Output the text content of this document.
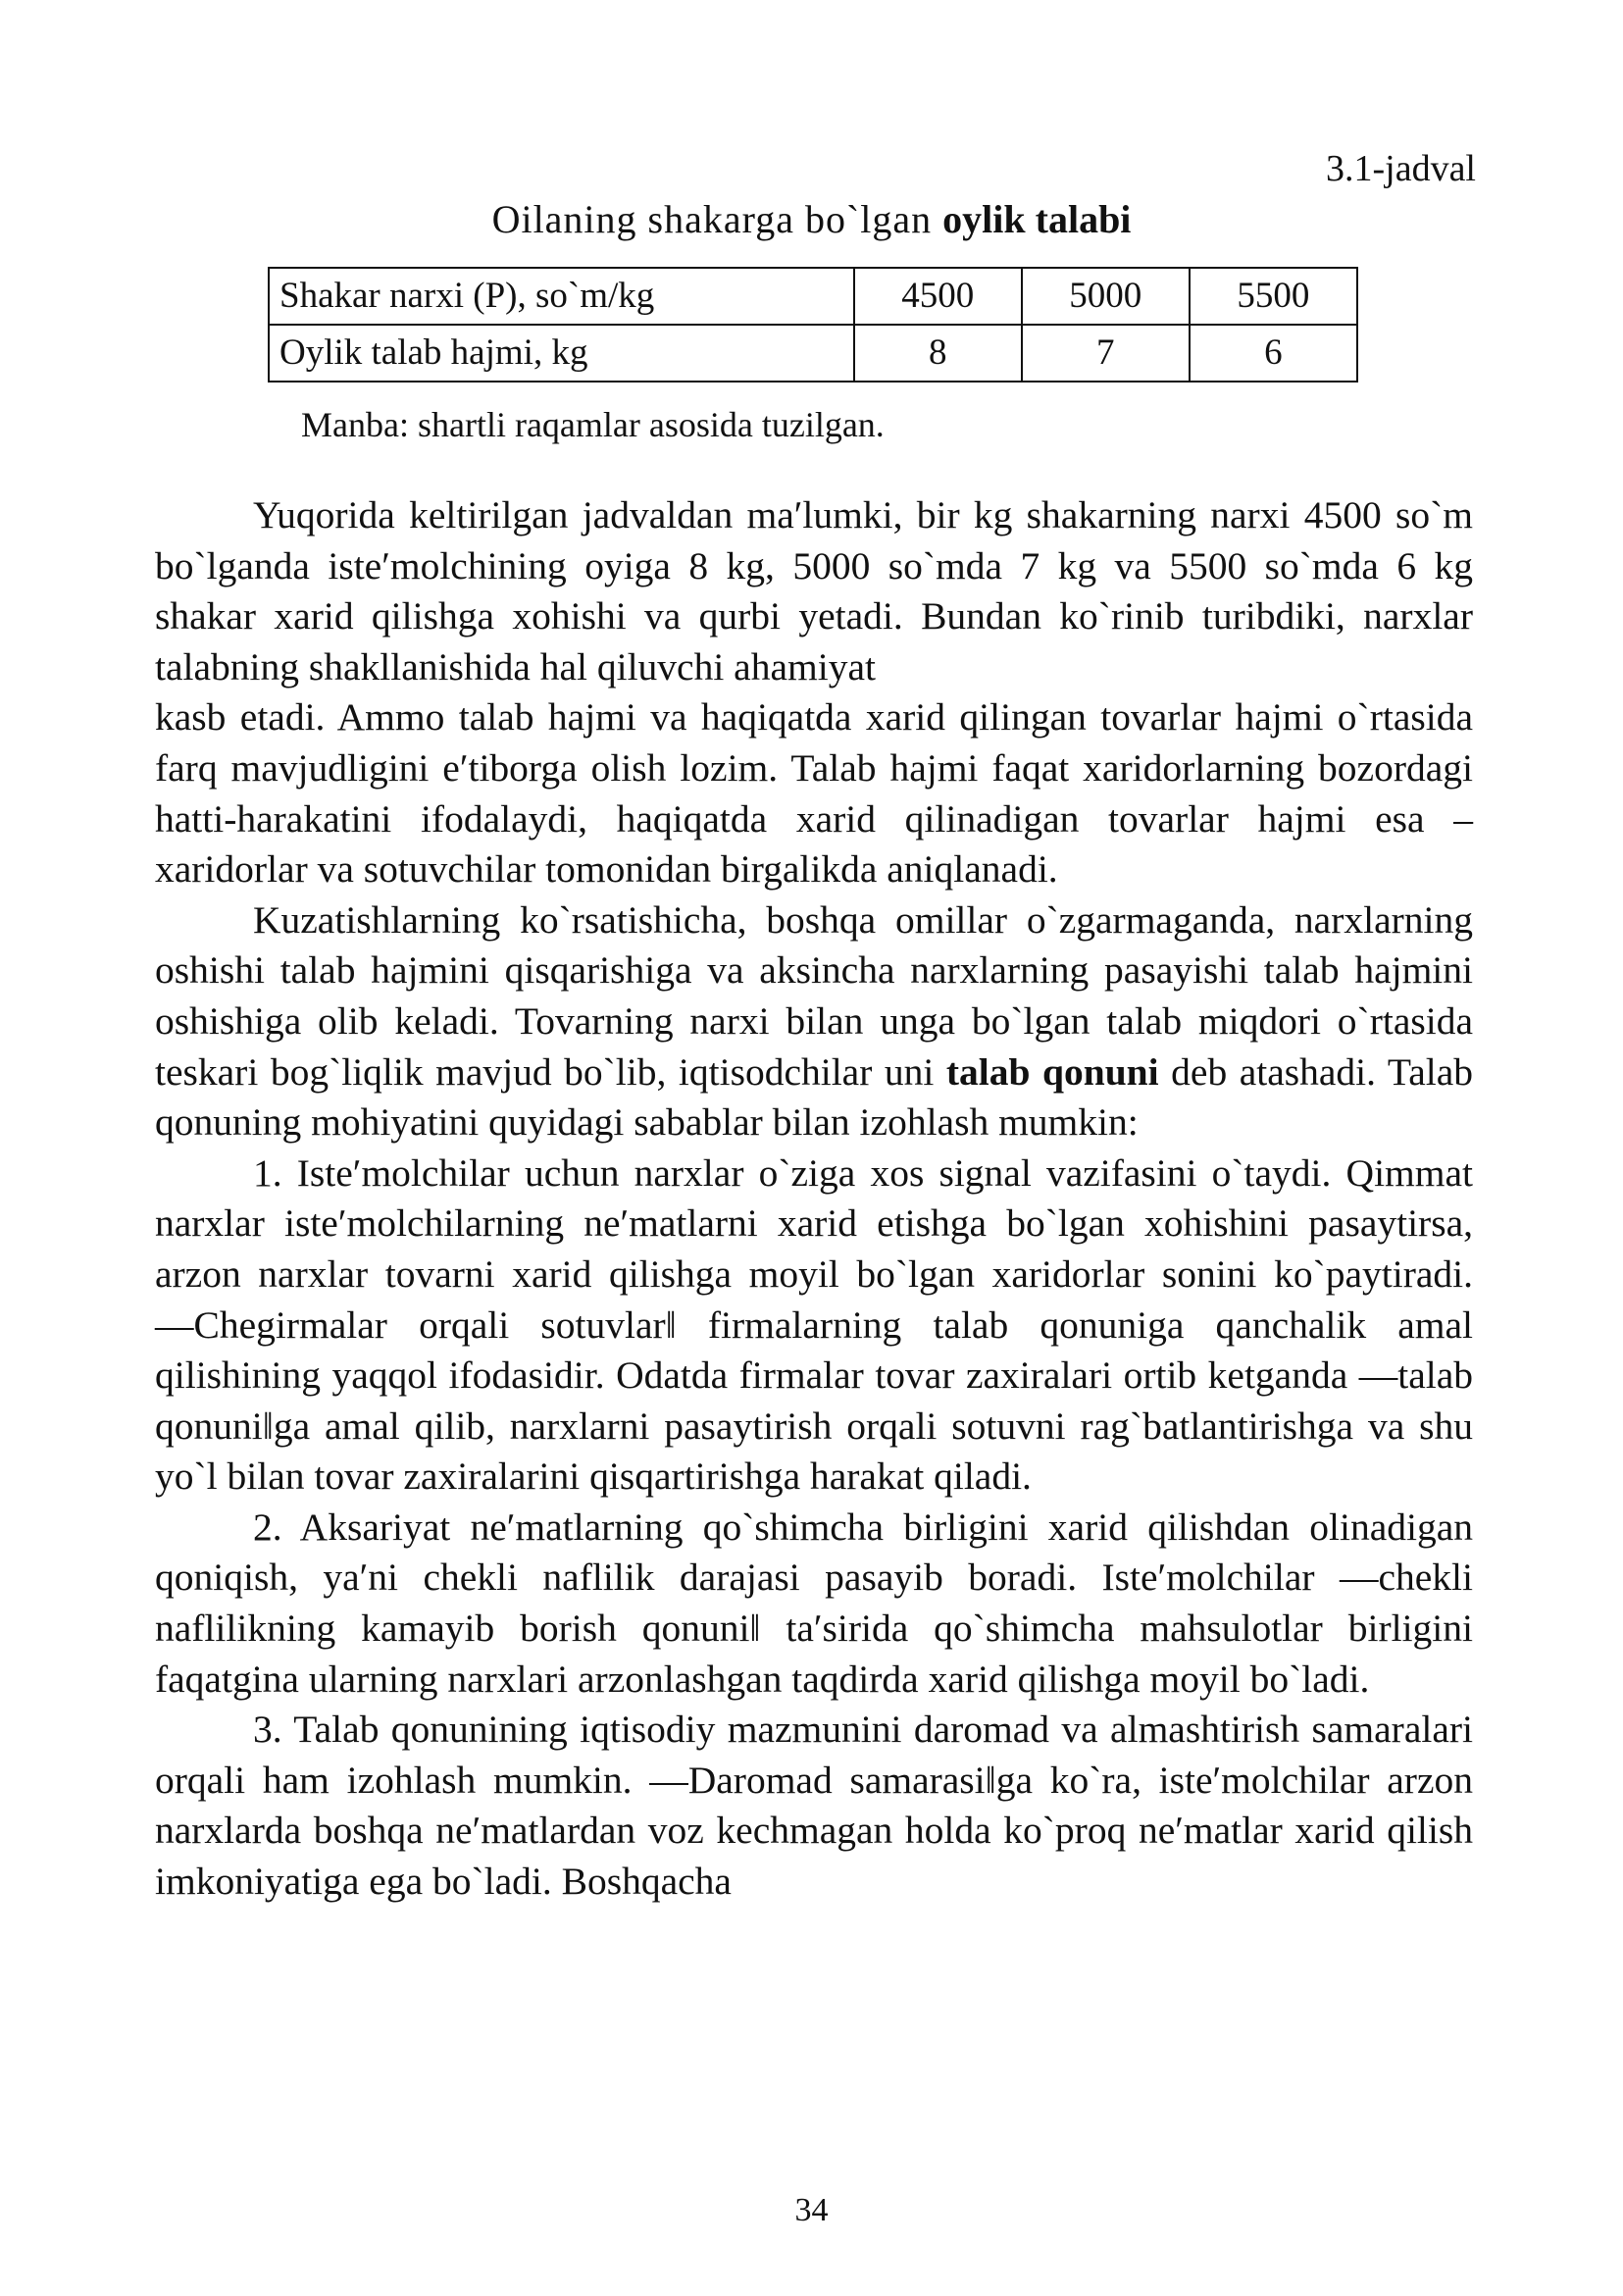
3.1-jadval
Oilaning shakarga bo`lgan oylik talabi
Shakar narxi (P), so`m/kg	4500	5000	5500
Oylik talab hajmi, kg	8	7	6
Manba: shartli raqamlar asosida tuzilgan.

Yuqorida keltirilgan jadvaldan maʹlumki, bir kg shakarning narxi 4500 so`m bo`lganda isteʹmolchining oyiga 8 kg, 5000 so`mda 7 kg va 5500 so`mda 6 kg shakar xarid qilishga xohishi va qurbi yetadi. Bundan ko`rinib turibdiki, narxlar talabning shakllanishida hal qiluvchi ahamiyat

kasb etadi. Ammo talab hajmi va haqiqatda xarid qilingan tovarlar hajmi o`rtasida farq mavjudligini eʹtiborga olish lozim. Talab hajmi faqat xaridorlarning bozordagi hatti-harakatini ifodalaydi, haqiqatda xarid qilinadigan tovarlar hajmi esa – xaridorlar va sotuvchilar tomonidan birgalikda aniqlanadi.

Kuzatishlarning ko`rsatishicha, boshqa omillar o`zgarmaganda, narxlarning oshishi talab hajmini qisqarishiga va aksincha narxlarning pasayishi talab hajmini oshishiga olib keladi. Tovarning narxi bilan unga bo`lgan talab miqdori o`rtasida teskari bog`liqlik mavjud bo`lib, iqtisodchilar uni talab qonuni deb atashadi. Talab qonuning mohiyatini quyidagi sabablar bilan izohlash mumkin:

1. Isteʹmolchilar uchun narxlar o`ziga xos signal vazifasini o`taydi. Qimmat narxlar isteʹmolchilarning neʹmatlarni xarid etishga bo`lgan xohishini pasaytirsa, arzon narxlar tovarni xarid qilishga moyil bo`lgan xaridorlar sonini ko`paytiradi. ―Chegirmalar orqali sotuvlar‖ firmalarning talab qonuniga qanchalik amal qilishining yaqqol ifodasidir. Odatda firmalar tovar zaxiralari ortib ketganda ―talab qonuni‖ga amal qilib, narxlarni pasaytirish orqali sotuvni rag`batlantirishga va shu yo`l bilan tovar zaxiralarini qisqartirishga harakat qiladi.

2. Aksariyat neʹmatlarning qo`shimcha birligini xarid qilishdan olinadigan qoniqish, yaʹni chekli naflilik darajasi pasayib boradi. Isteʹmolchilar ―chekli naflilikning kamayib borish qonuni‖ taʹsirida qo`shimcha mahsulotlar birligini faqatgina ularning narxlari arzonlashgan taqdirda xarid qilishga moyil bo`ladi.

3. Talab qonunining iqtisodiy mazmunini daromad va almashtirish samaralari orqali ham izohlash mumkin. ―Daromad samarasi‖ga ko`ra, isteʹmolchilar arzon narxlarda boshqa neʹmatlardan voz kechmagan holda ko`proq neʹmatlar xarid qilish imkoniyatiga ega bo`ladi. Boshqacha

34
